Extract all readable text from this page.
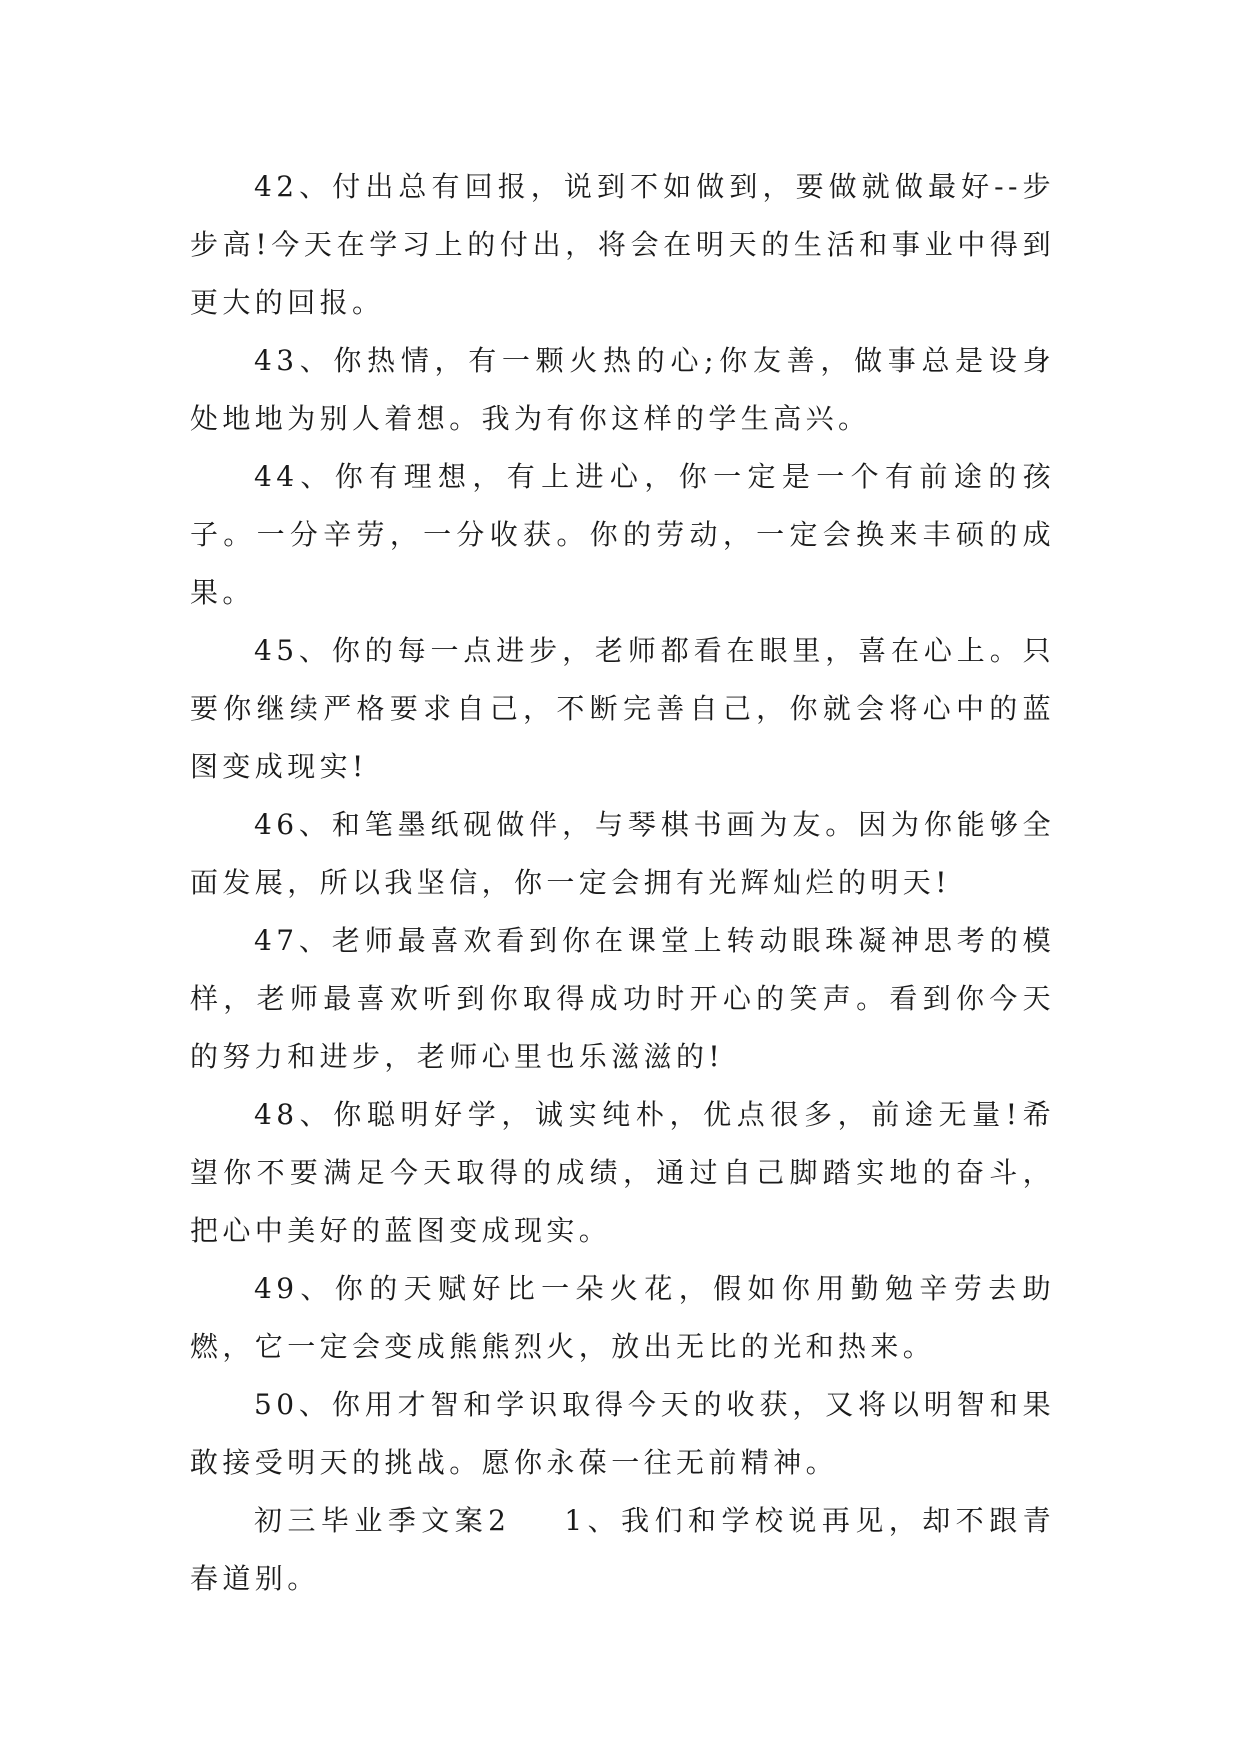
42、付出总有回报，说到不如做到，要做就做最好--步步高!今天在学习上的付出，将会在明天的生活和事业中得到更大的回报。

43、你热情，有一颗火热的心;你友善，做事总是设身处地地为别人着想。我为有你这样的学生高兴。

44、你有理想，有上进心，你一定是一个有前途的孩子。一分辛劳，一分收获。你的劳动，一定会换来丰硕的成果。

45、你的每一点进步，老师都看在眼里，喜在心上。只要你继续严格要求自己，不断完善自己，你就会将心中的蓝图变成现实!

46、和笔墨纸砚做伴，与琴棋书画为友。因为你能够全面发展，所以我坚信，你一定会拥有光辉灿烂的明天!

47、老师最喜欢看到你在课堂上转动眼珠凝神思考的模样，老师最喜欢听到你取得成功时开心的笑声。看到你今天的努力和进步，老师心里也乐滋滋的!

48、你聪明好学，诚实纯朴，优点很多，前途无量!希望你不要满足今天取得的成绩，通过自己脚踏实地的奋斗，把心中美好的蓝图变成现实。

49、你的天赋好比一朵火花，假如你用勤勉辛劳去助燃，它一定会变成熊熊烈火，放出无比的光和热来。

50、你用才智和学识取得今天的收获，又将以明智和果敢接受明天的挑战。愿你永葆一往无前精神。

初三毕业季文案2 1、我们和学校说再见，却不跟青春道别。
